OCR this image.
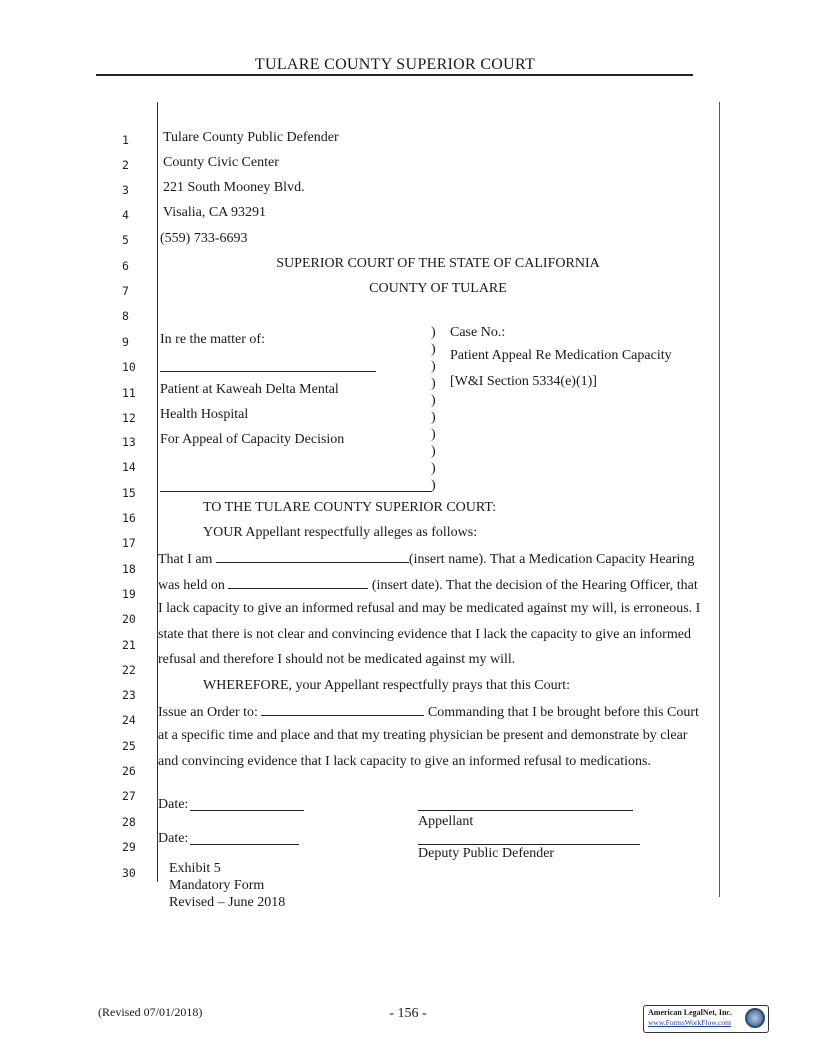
TULARE COUNTY SUPERIOR COURT
1
2
3
4
5
6
7
8
9
10
11
12
13
14
15
16
17
18
19
20
21
22
23
24
25
26
27
28
29
30
Tulare County Public Defender
County Civic Center
221 South Mooney Blvd.
Visalia, CA 93291
(559) 733-6693
SUPERIOR COURT OF THE STATE OF CALIFORNIA
COUNTY OF TULARE
In re the matter of:
Patient at Kaweah Delta Mental
Health Hospital
For Appeal of Capacity Decision
)
)
)
)
)
)
)
)
)
)
Case No.:
Patient Appeal Re Medication Capacity
[W&I Section 5334(e)(1)]
TO THE TULARE COUNTY SUPERIOR COURT:
YOUR Appellant respectfully alleges as follows:
That I am	(insert name). That a Medication Capacity Hearing
was held on	(insert date). That the decision of the Hearing Officer, that
I lack capacity to give an informed refusal and may be medicated against my will, is erroneous. I
state that there is not clear and convincing evidence that I lack the capacity to give an informed
refusal and therefore I should not be medicated against my will.
WHEREFORE, your Appellant respectfully prays that this Court:
Issue an Order to:	Commanding that I be brought before this Court
at a specific time and place and that my treating physician be present and demonstrate by clear
and convincing evidence that I lack capacity to give an informed refusal to medications.
Date:
Date:
Appellant
Deputy Public Defender
Exhibit 5
Mandatory Form
Revised – June 2018
(Revised 07/01/2018)	- 156 -	American LegalNet, Inc.
www.FormsWorkFlow.com
